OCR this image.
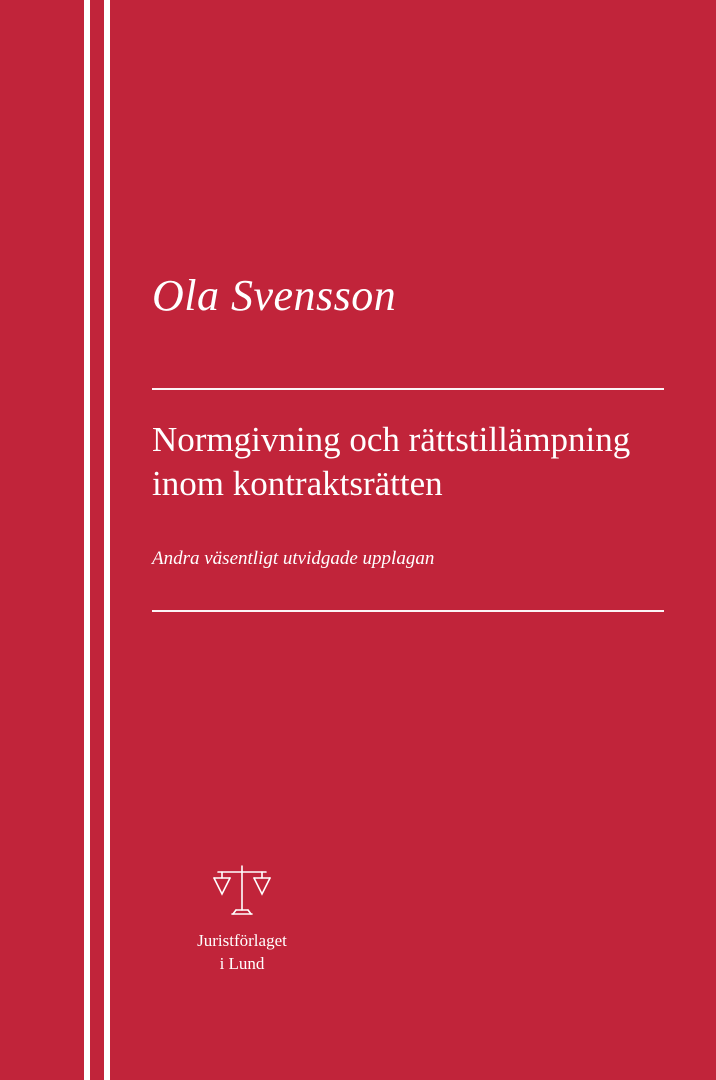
Ola Svensson
Normgivning och rättstillämpning
inom kontraktsrätten
Andra väsentligt utvidgade upplagan
Juristförlaget
i Lund
